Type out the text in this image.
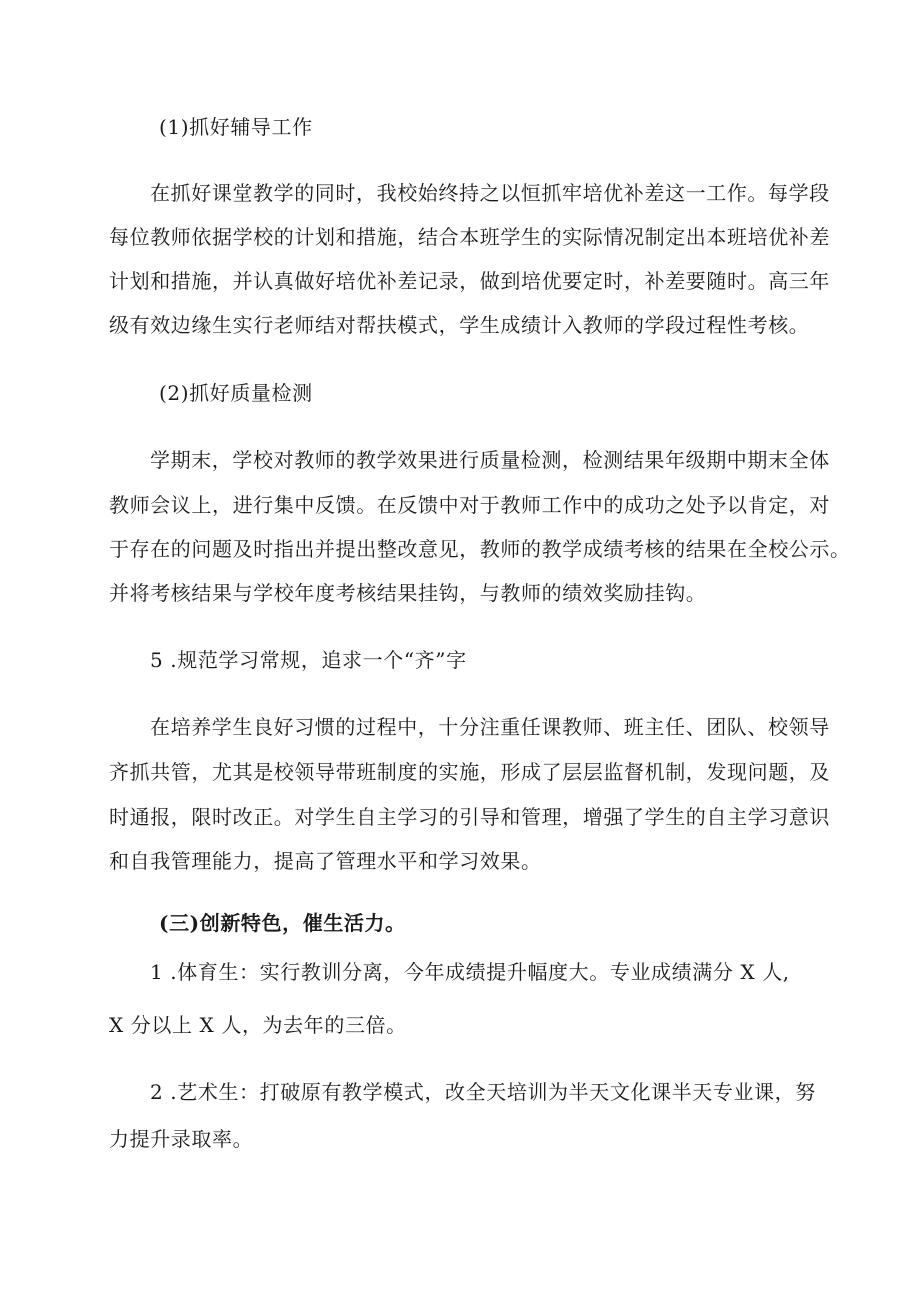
(1)抓好辅导工作
在抓好课堂教学的同时，我校始终持之以恒抓牢培优补差这一工作。每学段
每位教师依据学校的计划和措施，结合本班学生的实际情况制定出本班培优补差
计划和措施，并认真做好培优补差记录，做到培优要定时，补差要随时。高三年
级有效边缘生实行老师结对帮扶模式，学生成绩计入教师的学段过程性考核。
(2)抓好质量检测
学期末，学校对教师的教学效果进行质量检测，检测结果年级期中期末全体
教师会议上，进行集中反馈。在反馈中对于教师工作中的成功之处予以肯定，对
于存在的问题及时指出并提出整改意见，教师的教学成绩考核的结果在全校公示。
并将考核结果与学校年度考核结果挂钩，与教师的绩效奖励挂钩。
5 .规范学习常规，追求一个“齐”字
在培养学生良好习惯的过程中，十分注重任课教师、班主任、团队、校领导
齐抓共管，尤其是校领导带班制度的实施，形成了层层监督机制，发现问题，及
时通报，限时改正。对学生自主学习的引导和管理，增强了学生的自主学习意识
和自我管理能力，提高了管理水平和学习效果。
(三)创新特色，催生活力。
1 .体育生：实行教训分离，今年成绩提升幅度大。专业成绩满分 X 人,
X 分以上 X 人，为去年的三倍。
2 .艺术生：打破原有教学模式，改全天培训为半天文化课半天专业课，努
力提升录取率。
